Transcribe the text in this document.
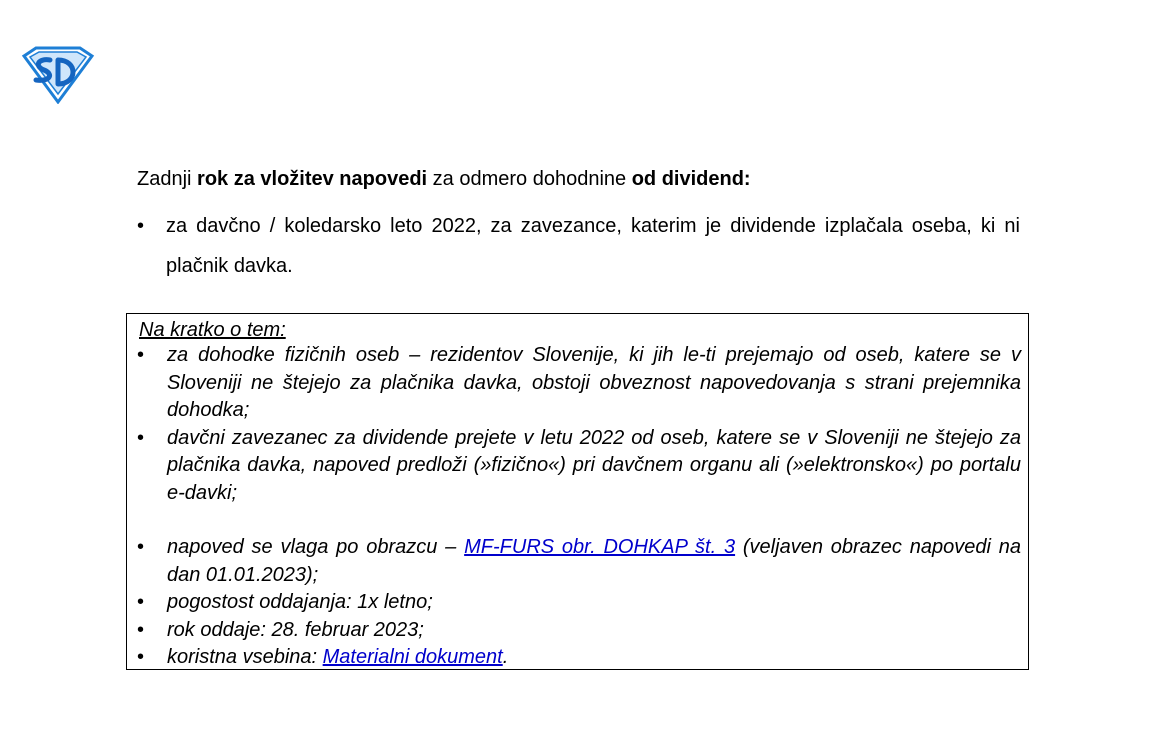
Zadnji rok za vložitev napovedi za odmero dohodnine od dividend:
•	za davčno / koledarsko leto 2022, za zavezance, katerim je dividende izplačala oseba, ki ni plačnik davka.
Na kratko o tem:
• za dohodke fizičnih oseb – rezidentov Slovenije, ki jih le-ti prejemajo od oseb, katere se v Sloveniji ne štejejo za plačnika davka, obstoji obveznost napovedovanja s strani prejemnika dohodka;
• davčni zavezanec za dividende prejete v letu 2022 od oseb, katere se v Sloveniji ne štejejo za plačnika davka, napoved predloži (»fizično«) pri davčnem organu ali (»elektronsko«) po portalu e-davki;
• napoved se vlaga po obrazcu – MF-FURS obr. DOHKAP št. 3 (veljaven obrazec napovedi na dan 01.01.2023);
• pogostost oddajanja: 1x letno;
• rok oddaje: 28. februar 2023;
• koristna vsebina: Materialni dokument.
